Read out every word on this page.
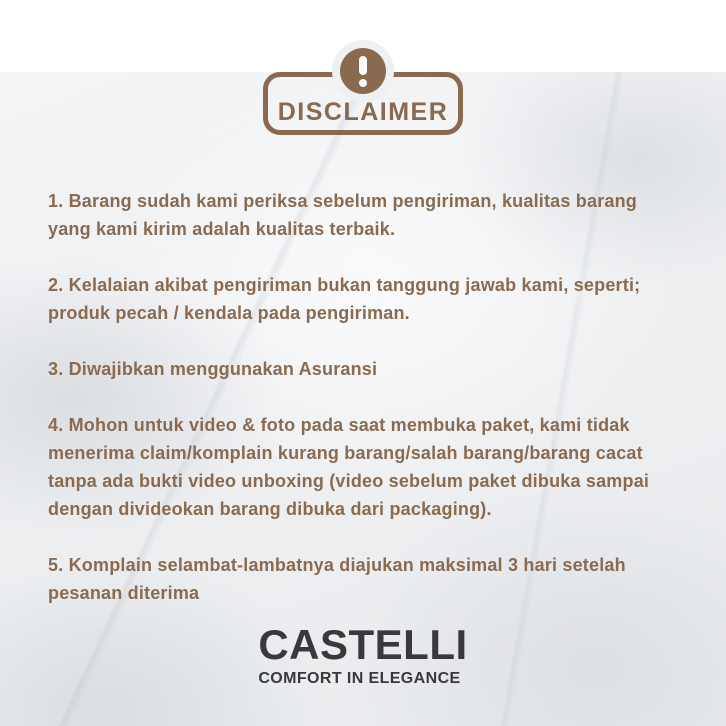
DISCLAIMER

1. Barang sudah kami periksa sebelum pengiriman, kualitas barang yang kami kirim adalah kualitas terbaik.

2. Kelalaian akibat pengiriman bukan tanggung jawab kami, seperti; produk pecah / kendala pada pengiriman.

3. Diwajibkan menggunakan Asuransi

4. Mohon untuk video & foto pada saat membuka paket, kami tidak menerima claim/komplain kurang barang/salah barang/barang cacat tanpa ada bukti video unboxing (video sebelum paket dibuka sampai dengan divideokan barang dibuka dari packaging).

5. Komplain selambat-lambatnya diajukan maksimal 3 hari setelah pesanan diterima

CASTELLI
COMFORT IN ELEGANCE
